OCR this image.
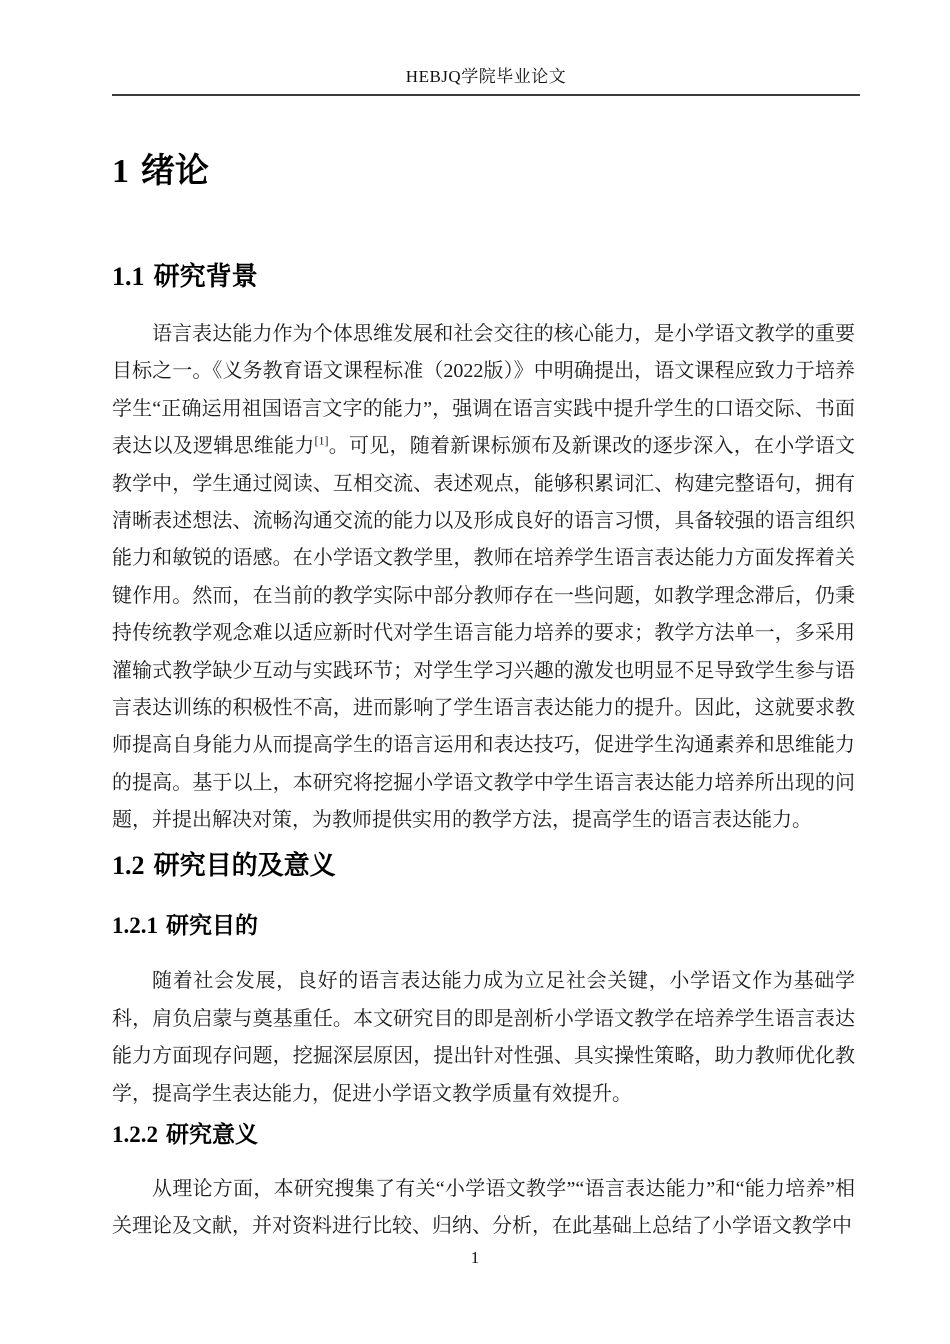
HEBJQ学院毕业论文
1 绪论
1.1 研究背景

语言表达能力作为个体思维发展和社会交往的核心能力，是小学语文教学的重要目标之一。《义务教育语文课程标准（2022版）》中明确提出，语文课程应致力于培养学生“正确运用祖国语言文字的能力”，强调在语言实践中提升学生的口语交际、书面表达以及逻辑思维能力[1]。可见，随着新课标颁布及新课改的逐步深入，在小学语文教学中，学生通过阅读、互相交流、表述观点，能够积累词汇、构建完整语句，拥有清晰表述想法、流畅沟通交流的能力以及形成良好的语言习惯，具备较强的语言组织能力和敏锐的语感。在小学语文教学里，教师在培养学生语言表达能力方面发挥着关键作用。然而，在当前的教学实际中部分教师存在一些问题，如教学理念滞后，仍秉持传统教学观念难以适应新时代对学生语言能力培养的要求；教学方法单一，多采用灌输式教学缺少互动与实践环节；对学生学习兴趣的激发也明显不足导致学生参与语言表达训练的积极性不高，进而影响了学生语言表达能力的提升。因此，这就要求教师提高自身能力从而提高学生的语言运用和表达技巧，促进学生沟通素养和思维能力的提高。基于以上，本研究将挖掘小学语文教学中学生语言表达能力培养所出现的问题，并提出解决对策，为教师提供实用的教学方法，提高学生的语言表达能力。

1.2 研究目的及意义
1.2.1 研究目的

随着社会发展，良好的语言表达能力成为立足社会关键，小学语文作为基础学科，肩负启蒙与奠基重任。本文研究目的即是剖析小学语文教学在培养学生语言表达能力方面现存问题，挖掘深层原因，提出针对性强、具实操性策略，助力教师优化教学，提高学生表达能力，促进小学语文教学质量有效提升。

1.2.2 研究意义

从理论方面，本研究搜集了有关“小学语文教学”“语言表达能力”和“能力培养”相关理论及文献，并对资料进行比较、归纳、分析，在此基础上总结了小学语文教学中

1
